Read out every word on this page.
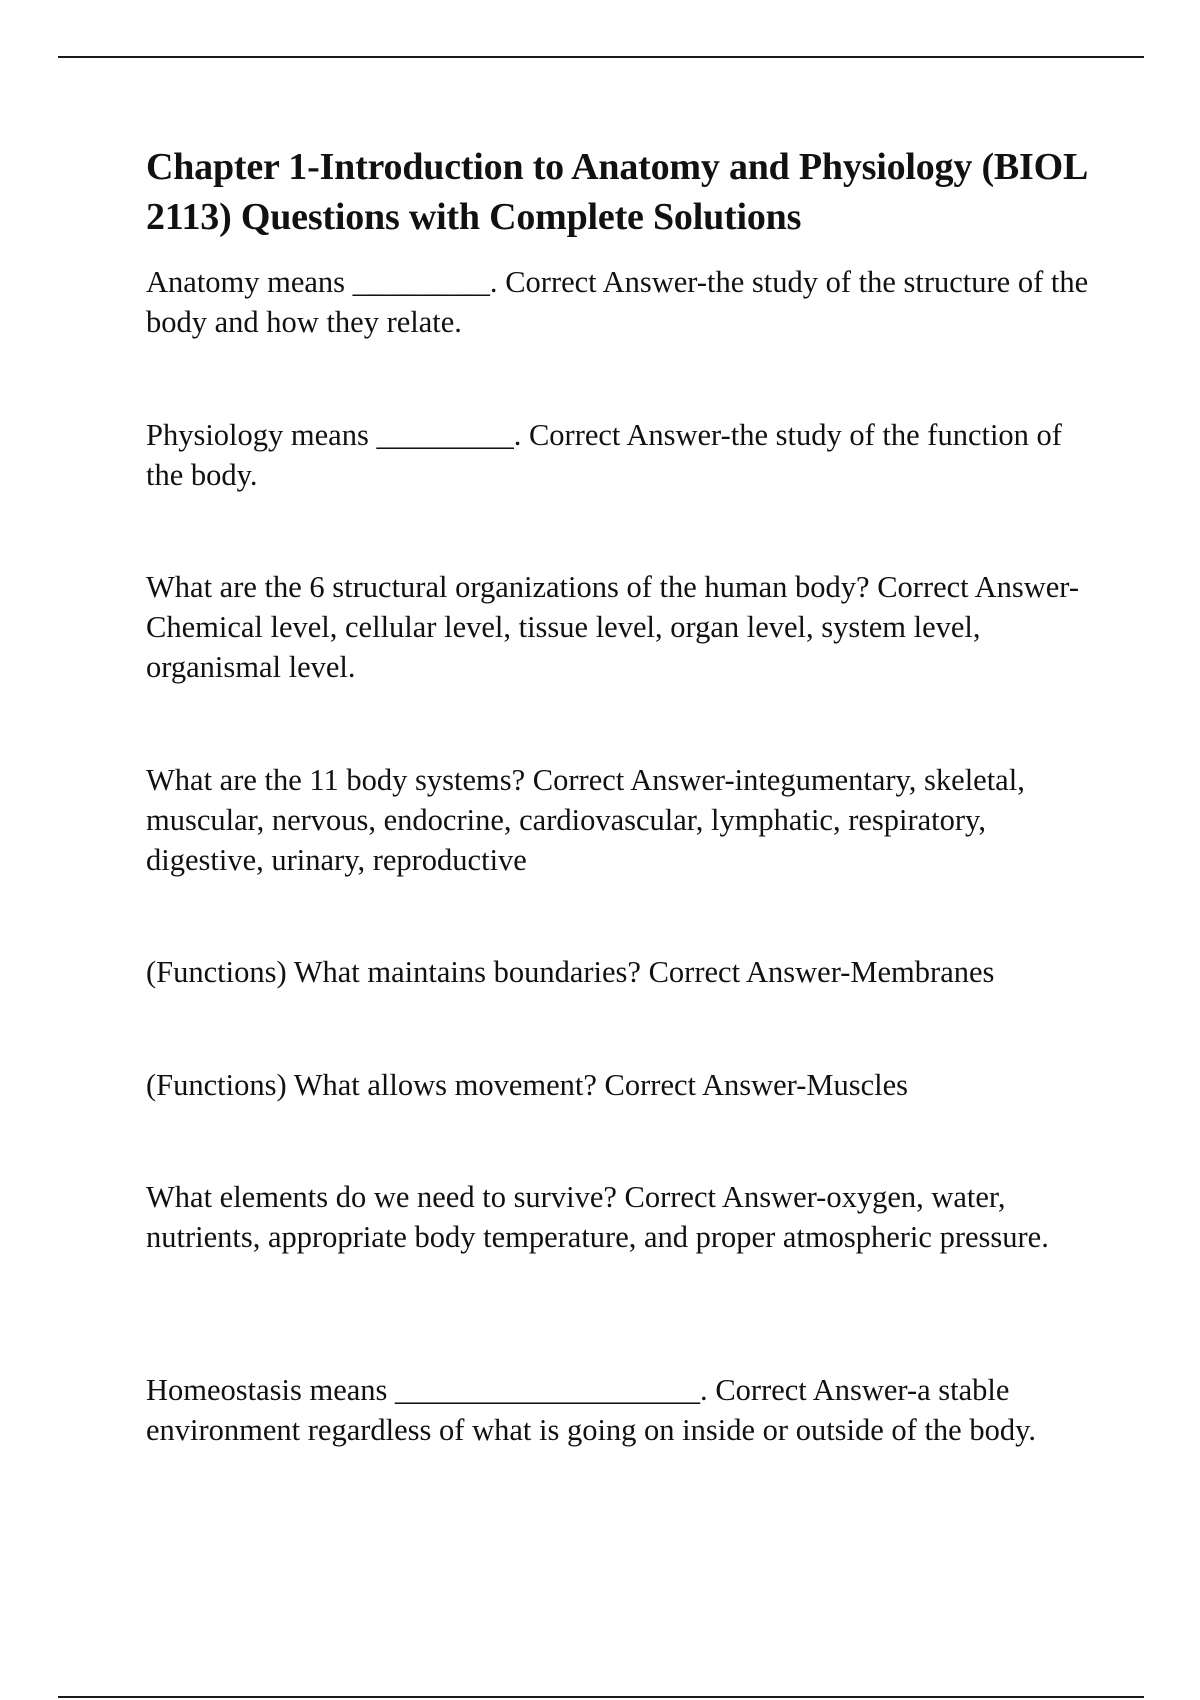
Chapter 1-Introduction to Anatomy and Physiology (BIOL 2113) Questions with Complete Solutions

Anatomy means _________. Correct Answer-the study of the structure of the body and how they relate.

Physiology means _________. Correct Answer-the study of the function of the body.

What are the 6 structural organizations of the human body? Correct Answer-Chemical level, cellular level, tissue level, organ level, system level, organismal level.

What are the 11 body systems? Correct Answer-integumentary, skeletal, muscular, nervous, endocrine, cardiovascular, lymphatic, respiratory, digestive, urinary, reproductive

(Functions) What maintains boundaries? Correct Answer-Membranes

(Functions) What allows movement? Correct Answer-Muscles

What elements do we need to survive? Correct Answer-oxygen, water, nutrients, appropriate body temperature, and proper atmospheric pressure.

Homeostasis means ____________________. Correct Answer-a stable environment regardless of what is going on inside or outside of the body.
